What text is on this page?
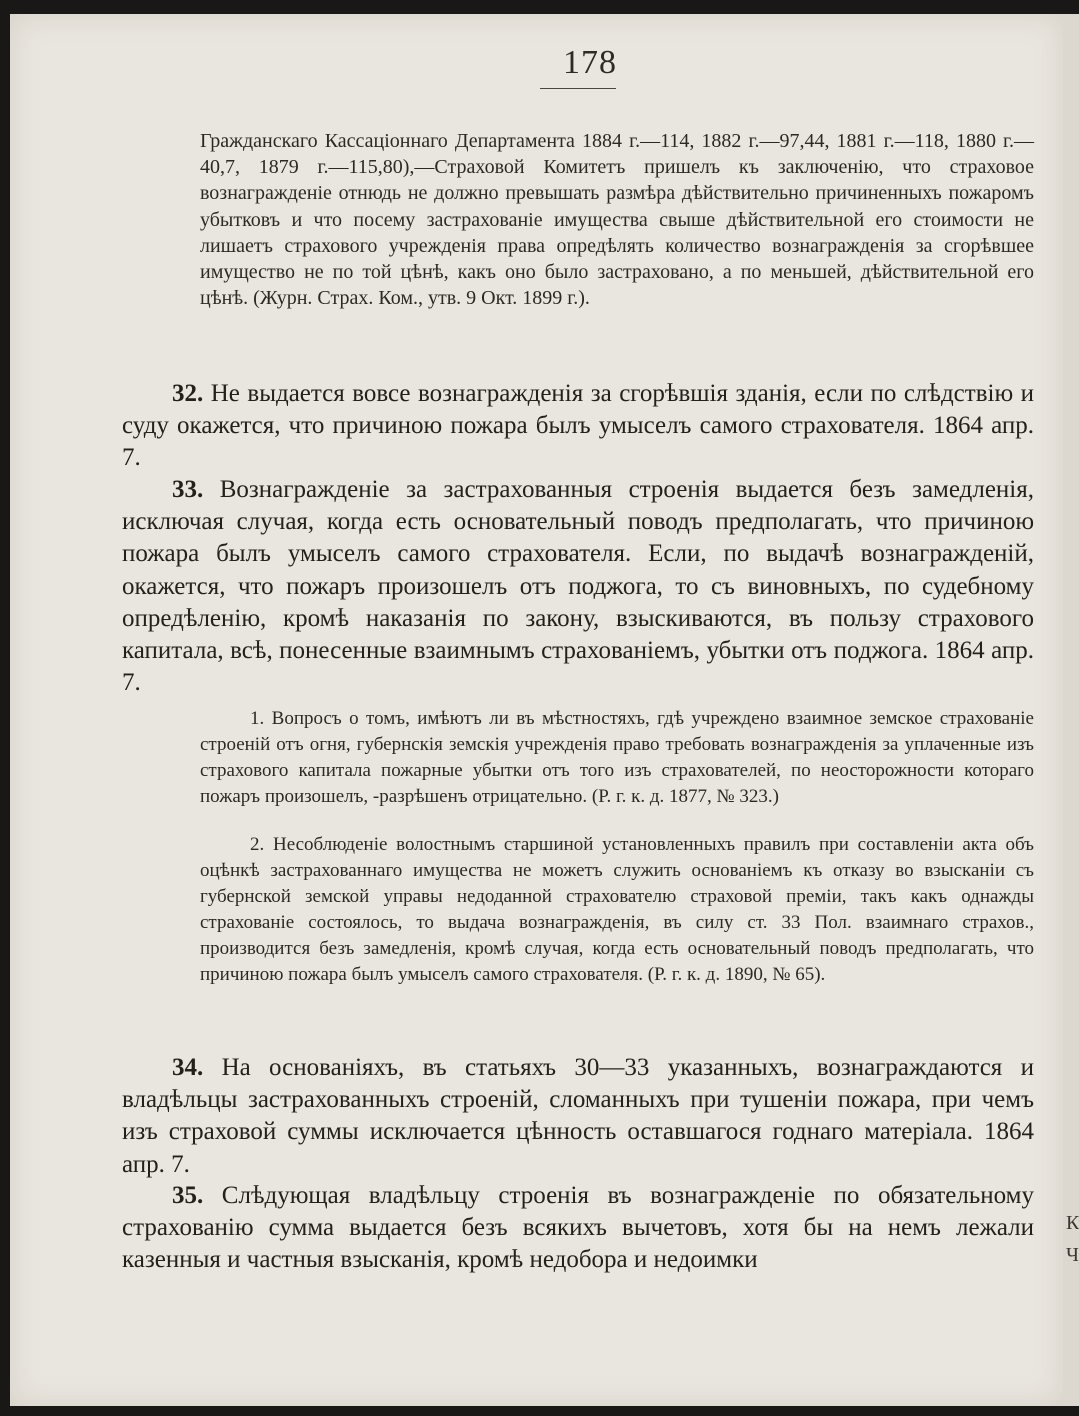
К
Ч
178
Гражданскаго Кассаціоннаго Департамента 1884 г.—114, 1882 г.—97,44, 1881 г.—118, 1880 г.—40,7, 1879 г.—115,80),—Страховой Комитетъ пришелъ къ заключенію, что страховое вознагражденіе отнюдь не должно превышать размѣра дѣйствительно причиненныхъ пожаромъ убытковъ и что посему застрахованіе имущества свыше дѣйствительной его стоимости не лишаетъ страхового учрежденія права опредѣлять количество вознагражденія за сгорѣвшее имущество не по той цѣнѣ, какъ оно было застраховано, а по меньшей, дѣйствительной его цѣнѣ. (Журн. Страх. Ком., утв. 9 Окт. 1899 г.).
32. Не выдается вовсе вознагражденія за сгорѣвшія зданія, если по слѣдствію и суду окажется, что причиною пожара былъ умыселъ самого страхователя. 1864 апр. 7.
33. Вознагражденіе за застрахованныя строенія выдается безъ замедленія, исключая случая, когда есть основательный поводъ предполагать, что причиною пожара былъ умыселъ самого страхователя. Если, по выдачѣ вознагражденій, окажется, что пожаръ произошелъ отъ поджога, то съ виновныхъ, по судебному опредѣленію, кромѣ наказанія по закону, взыскиваются, въ пользу страхового капитала, всѣ, понесенные взаимнымъ страхованіемъ, убытки отъ поджога. 1864 апр. 7.
1. Вопросъ о томъ, имѣютъ ли въ мѣстностяхъ, гдѣ учреждено взаимное земское страхованіе строеній отъ огня, губернскія земскія учрежденія право требовать вознагражденія за уплаченные изъ страхового капитала пожарные убытки отъ того изъ страхователей, по неосторожности котораго пожаръ произошелъ, -разрѣшенъ отрицательно. (Р. г. к. д. 1877, № 323.)
2. Несоблюденіе волостнымъ старшиной установленныхъ правилъ при составленіи акта объ оцѣнкѣ застрахованнаго имущества не можетъ служить основаніемъ къ отказу во взысканіи съ губернской земской управы недоданной страхователю страховой преміи, такъ какъ однажды страхованіе состоялось, то выдача вознагражденія, въ силу ст. 33 Пол. взаимнаго страхов., производится безъ замедленія, кромѣ случая, когда есть основательный поводъ предполагать, что причиною пожара былъ умыселъ самого страхователя. (Р. г. к. д. 1890, № 65).
34. На основаніяхъ, въ статьяхъ 30—33 указанныхъ, вознаграждаются и владѣльцы застрахованныхъ строеній, сломанныхъ при тушеніи пожара, при чемъ изъ страховой суммы исключается цѣнность оставшагося годнаго матеріала. 1864 апр. 7.
35. Слѣдующая владѣльцу строенія въ вознагражденіе по обязательному страхованію сумма выдается безъ всякихъ вычетовъ, хотя бы на немъ лежали казенныя и частныя взысканія, кромѣ недобора и недоимки
